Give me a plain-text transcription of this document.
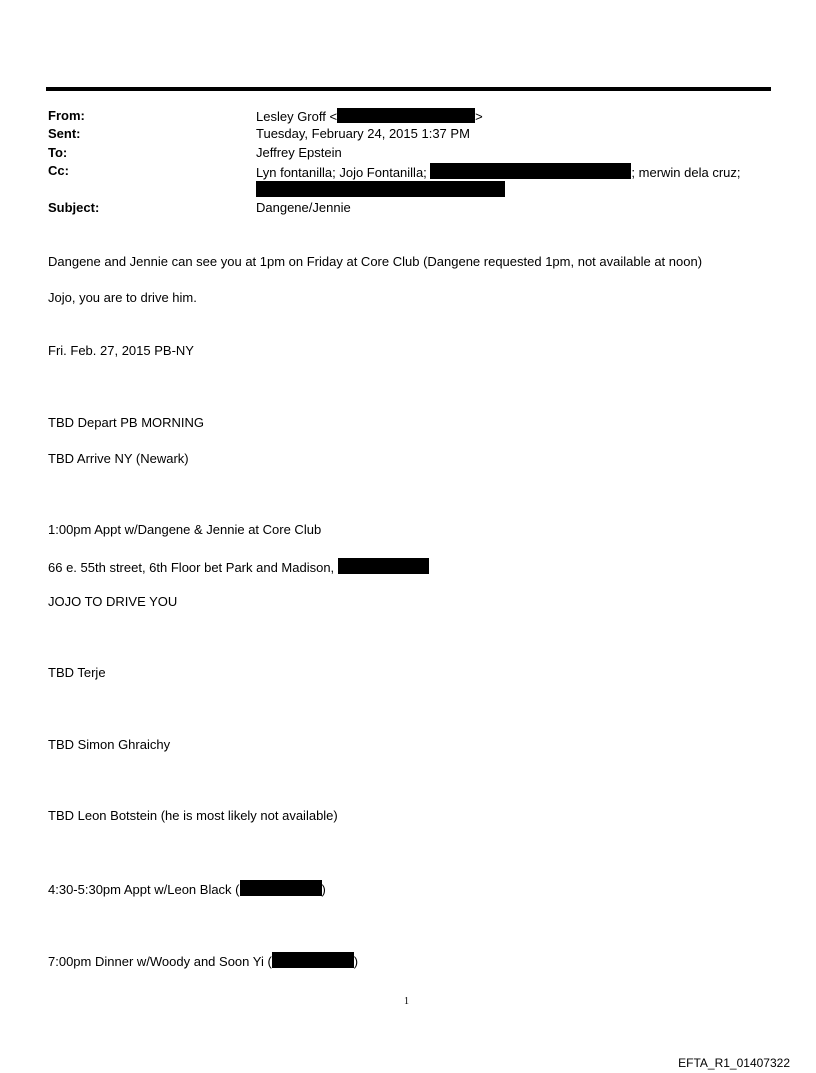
From:	Lesley Groff <	>
Sent:	Tuesday, February 24, 2015 1:37 PM
To:	Jeffrey Epstein
Cc:	Lyn fontanilla; Jojo Fontanilla;	; merwin dela cruz;
Subject:	Dangene/Jennie
Dangene and Jennie can see you at 1pm on Friday at Core Club (Dangene requested 1pm, not available at noon)
Jojo, you are to drive him.
Fri. Feb. 27, 2015 PB-NY
TBD Depart PB MORNING
TBD Arrive NY (Newark)
1:00pm Appt w/Dangene & Jennie at Core Club
66 e. 55th street, 6th Floor bet Park and Madison,
JOJO TO DRIVE YOU
TBD Terje
TBD Simon Ghraichy
TBD Leon Botstein (he is most likely not available)
4:30-5:30pm Appt w/Leon Black (	)
7:00pm Dinner w/Woody and Soon Yi (	)
1
EFTA_R1_01407322
